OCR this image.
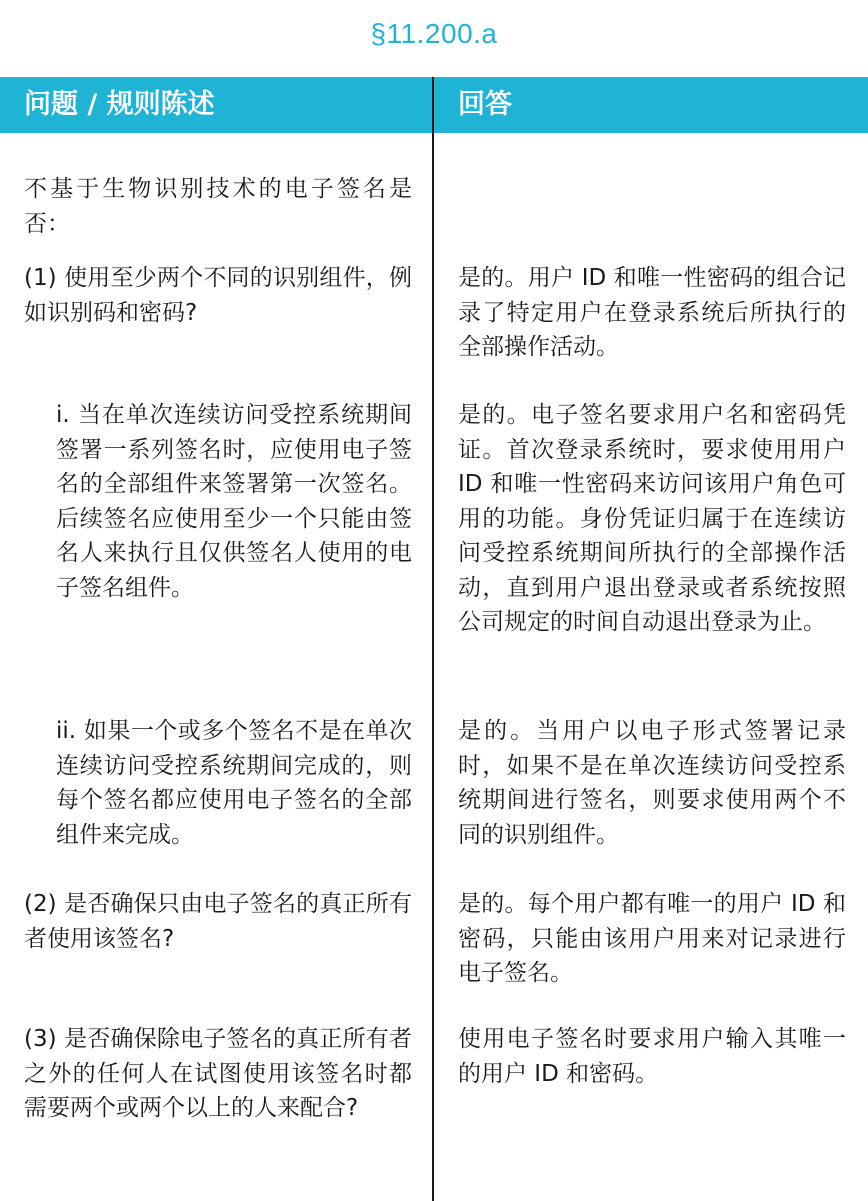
§11.200.a
问题 / 规则陈述	回答

不基于生物识别技术的电子签名是否：

(1) 使用至少两个不同的识别组件，例如识别码和密码?

是的。用户 ID 和唯一性密码的组合记录了特定用户在登录系统后所执行的全部操作活动。

i. 当在单次连续访问受控系统期间签署一系列签名时，应使用电子签名的全部组件来签署第一次签名。后续签名应使用至少一个只能由签名人来执行且仅供签名人使用的电子签名组件。

是的。电子签名要求用户名和密码凭证。首次登录系统时，要求使用用户 ID 和唯一性密码来访问该用户角色可用的功能。身份凭证归属于在连续访问受控系统期间所执行的全部操作活动，直到用户退出登录或者系统按照公司规定的时间自动退出登录为止。

ii. 如果一个或多个签名不是在单次连续访问受控系统期间完成的，则每个签名都应使用电子签名的全部组件来完成。

是的。当用户以电子形式签署记录时，如果不是在单次连续访问受控系统期间进行签名，则要求使用两个不同的识别组件。

(2) 是否确保只由电子签名的真正所有者使用该签名?

是的。每个用户都有唯一的用户 ID 和密码，只能由该用户用来对记录进行电子签名。

(3) 是否确保除电子签名的真正所有者之外的任何人在试图使用该签名时都需要两个或两个以上的人来配合?

使用电子签名时要求用户输入其唯一的用户 ID 和密码。
